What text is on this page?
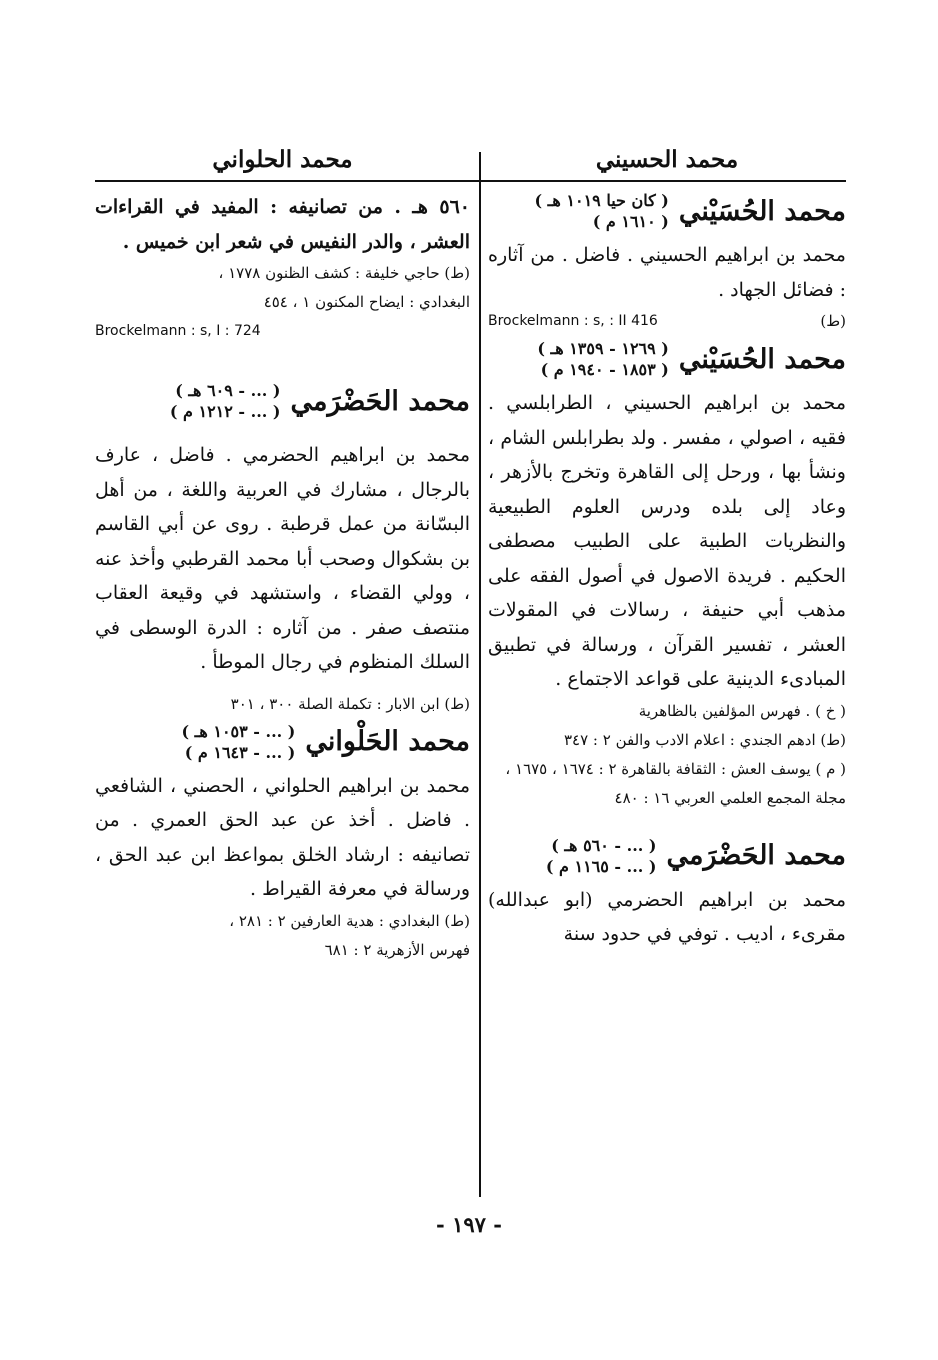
محمد الحسيني
محمد الحُسَيْني
( كان حيا ١٠١٩ هـ )
( ١٦١٠ م )

محمد بن ابراهيم الحسيني . فاضل . من آثاره : فضائل الجهاد .

(ط)
Brockelmann : s, : II 416
محمد الحُسَيْني
( ١٢٦٩ - ١٣٥٩ هـ )
( ١٨٥٣ - ١٩٤٠ م )

محمد بن ابراهيم الحسيني ، الطرابلسي . فقيه ، اصولي ، مفسر . ولد بطرابلس الشام ، ونشأ بها ، ورحل إلى القاهرة وتخرج بالأزهر ، وعاد إلى بلده ودرس العلوم الطبيعية والنظريات الطبية على الطبيب مصطفى الحكيم . فريدة الاصول في أصول الفقه على مذهب أبي حنيفة ، رسالات في المقولات العشر ، تفسير القرآن ، ورسالة في تطبيق المبادىء الدينية على قواعد الاجتماع .

( خ ) . فهرس المؤلفين بالظاهرية

(ط) ادهم الجندي : اعلام الادب والفن ٢ : ٣٤٧

( م ) يوسف العش : الثقافة بالقاهرة ٢ : ١٦٧٤ ، ١٦٧٥ ، مجلة المجمع العلمي العربي ١٦ : ٤٨٠

محمد الحَضْرَمي
( ... - ٥٦٠ هـ )
( ... - ١١٦٥ م )

محمد بن ابراهيم الحضرمي (ابو عبدالله) مقرىء ، اديب . توفي في حدود سنة

محمد الحلواني

٥٦٠ هـ . من تصانيفه : المفيد في القراءات العشر ، والدر النفيس في شعر ابن خميس .

(ط) حاجي خليفة : كشف الظنون ١٧٧٨ ،

البغدادي : ايضاح المكنون ١ ، ٤٥٤

Brockelmann : s, I : 724

محمد الحَضْرَمي
( ... - ٦٠٩ هـ )
( ... - ١٢١٢ م )

محمد بن ابراهيم الحضرمي . فاضل ، عارف بالرجال ، مشارك في العربية واللغة ، من أهل البسّانة من عمل قرطبة . روى عن أبي القاسم بن بشكوال وصحب أبا محمد القرطبي وأخذ عنه ، وولي القضاء ، واستشهد في وقيعة العقاب منتصف صفر . من آثاره : الدرة الوسطى في السلك المنظوم في رجال الموطأ .

(ط) ابن الابار : تكملة الصلة ٣٠٠ ، ٣٠١

محمد الحَلْواني
( ... - ١٠٥٣ هـ )
( ... - ١٦٤٣ م )

محمد بن ابراهيم الحلواني ، الحصني ، الشافعي . فاضل . أخذ عن عبد الحق العمري . من تصانيفه : ارشاد الخلق بمواعظ ابن عبد الحق ، ورسالة في معرفة القيراط .

(ط) البغدادي : هدية العارفين ٢ : ٢٨١ ،

فهرس الأزهرية ٢ : ٦٨١

- ١٩٧ -
